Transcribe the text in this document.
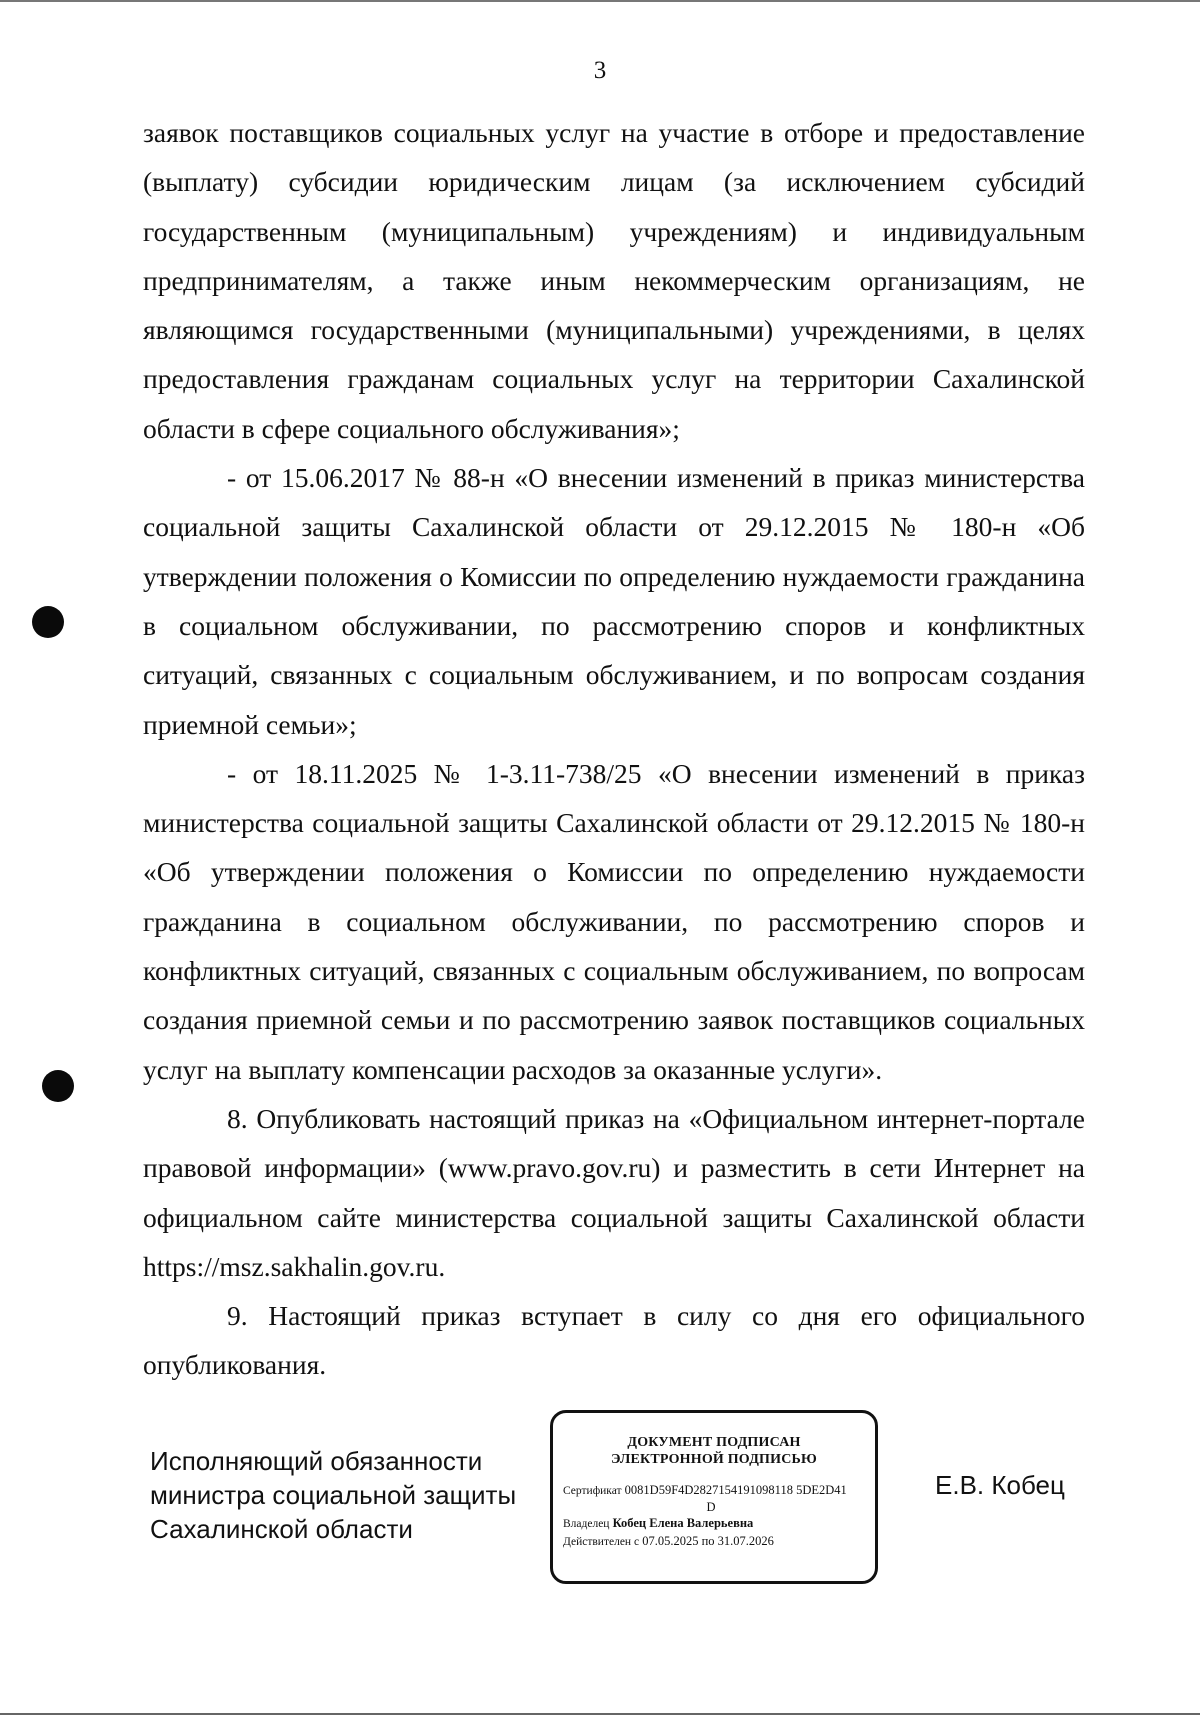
3

заявок поставщиков социальных услуг на участие в отборе и предоставление (выплату) субсидии юридическим лицам (за исключением субсидий государственным (муниципальным) учреждениям) и индивидуальным предпринимателям, а также иным некоммерческим организациям, не являющимся государственными (муниципальными) учреждениями, в целях предоставления гражданам социальных услуг на территории Сахалинской области в сфере социального обслуживания»;

- от 15.06.2017 № 88-н «О внесении изменений в приказ министерства социальной защиты Сахалинской области от 29.12.2015 № 180-н «Об утверждении положения о Комиссии по определению нуждаемости гражданина в социальном обслуживании, по рассмотрению споров и конфликтных ситуаций, связанных с социальным обслуживанием, и по вопросам создания приемной семьи»;

- от 18.11.2025 № 1-3.11-738/25 «О внесении изменений в приказ министерства социальной защиты Сахалинской области от 29.12.2015 № 180-н «Об утверждении положения о Комиссии по определению нуждаемости гражданина в социальном обслуживании, по рассмотрению споров и конфликтных ситуаций, связанных с социальным обслуживанием, по вопросам создания приемной семьи и по рассмотрению заявок поставщиков социальных услуг на выплату компенсации расходов за оказанные услуги».

8. Опубликовать настоящий приказ на «Официальном интернет-портале правовой информации» (www.pravo.gov.ru) и разместить в сети Интернет на официальном сайте министерства социальной защиты Сахалинской области https://msz.sakhalin.gov.ru.

9. Настоящий приказ вступает в силу со дня его официального опубликования.

Исполняющий обязанности
министра социальной защиты
Сахалинской области
ДОКУМЕНТ ПОДПИСАН
ЭЛЕКТРОННОЙ ПОДПИСЬЮ
Сертификат 0081D59F4D2827154191098118 5DE2D41
D
Владелец Кобец Елена Валерьевна
Действителен с 07.05.2025 по 31.07.2026
Е.В. Кобец
